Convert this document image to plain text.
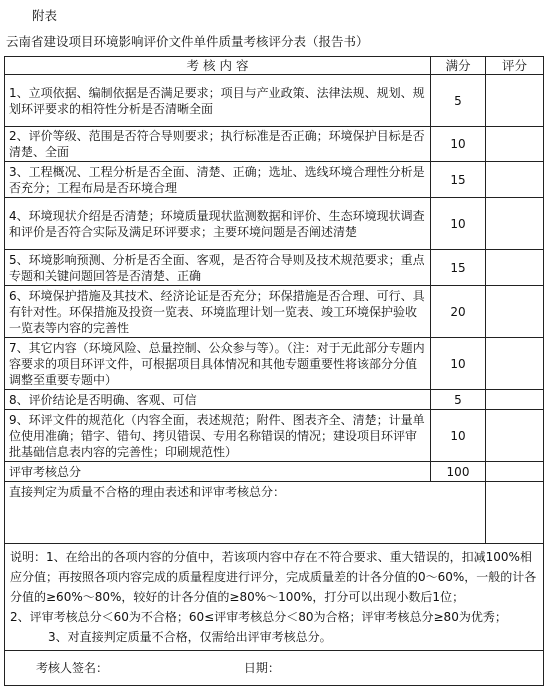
附表
云南省建设项目环境影响评价文件单件质量考核评分表（报告书）
考 核 内 容	满分	评分
1、立项依据、编制依据是否满足要求；项目与产业政策、法律法规、规划、规划环评要求的相符性分析是否清晰全面	5	
2、评价等级、范围是否符合导则要求；执行标准是否正确；环境保护目标是否清楚、全面	10	
3、工程概况、工程分析是否全面、清楚、正确；选址、选线环境合理性分析是否充分；工程布局是否环境合理	15	
4、环境现状介绍是否清楚；环境质量现状监测数据和评价、生态环境现状调查和评价是否符合实际及满足环评要求；主要环境问题是否阐述清楚	10	
5、环境影响预测、分析是否全面、客观，是否符合导则及技术规范要求；重点专题和关键问题回答是否清楚、正确	15	
6、环境保护措施及其技术、经济论证是否充分；环保措施是否合理、可行、具有针对性。环保措施及投资一览表、环境监理计划一览表、竣工环境保护验收一览表等内容的完善性	20	
7、其它内容（环境风险、总量控制、公众参与等）。（注：对于无此部分专题内容要求的项目环评文件，可根据项目具体情况和其他专题重要性将该部分分值调整至重要专题中）	10	
8、评价结论是否明确、客观、可信	5	
9、环评文件的规范化（内容全面，表述规范；附件、图表齐全、清楚；计量单位使用准确；错字、错句、拷贝错误、专用名称错误的情况；建设项目环评审批基础信息表内容的完善性；印刷规范性）	10	
评审考核总分	100	
直接判定为质量不合格的理由表述和评审考核总分：		

说明：1、在给出的各项内容的分值中，若该项内容中存在不符合要求、重大错误的，扣减100%相应分值；再按照各项内容完成的质量程度进行评分，完成质量差的计各分值的0～60%，一般的计各分值的≥60%～80%，较好的计各分值的≥80%～100%，打分可以出现小数后1位；

2、评审考核总分＜60为不合格；60≤评审考核总分＜80为合格；评审考核总分≥80为优秀；

3、对直接判定质量不合格，仅需给出评审考核总分。		

考核人签名： 日期：		
